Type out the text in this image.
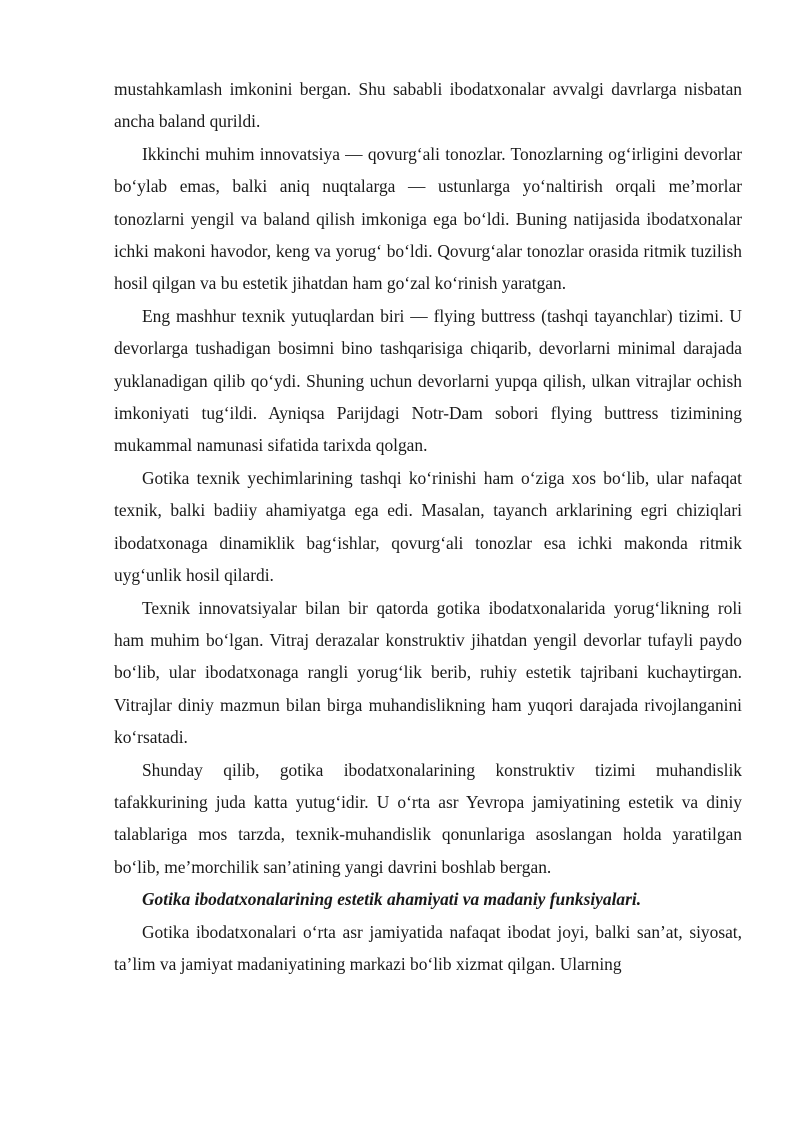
mustahkamlash imkonini bergan. Shu sababli ibodatxonalar avvalgi davrlarga nisbatan ancha baland qurildi.

Ikkinchi muhim innovatsiya — qovurg‘ali tonozlar. Tonozlarning og‘irligini devorlar bo‘ylab emas, balki aniq nuqtalarga — ustunlarga yo‘naltirish orqali me’morlar tonozlarni yengil va baland qilish imkoniga ega bo‘ldi. Buning natijasida ibodatxonalar ichki makoni havodor, keng va yorug‘ bo‘ldi. Qovurg‘alar tonozlar orasida ritmik tuzilish hosil qilgan va bu estetik jihatdan ham go‘zal ko‘rinish yaratgan.

Eng mashhur texnik yutuqlardan biri — flying buttress (tashqi tayanchlar) tizimi. U devorlarga tushadigan bosimni bino tashqarisiga chiqarib, devorlarni minimal darajada yuklanadigan qilib qo‘ydi. Shuning uchun devorlarni yupqa qilish, ulkan vitrajlar ochish imkoniyati tug‘ildi. Ayniqsa Parijdagi Notr-Dam sobori flying buttress tizimining mukammal namunasi sifatida tarixda qolgan.

Gotika texnik yechimlarining tashqi ko‘rinishi ham o‘ziga xos bo‘lib, ular nafaqat texnik, balki badiiy ahamiyatga ega edi. Masalan, tayanch arklarining egri chiziqlari ibodatxonaga dinamiklik bag‘ishlar, qovurg‘ali tonozlar esa ichki makonda ritmik uyg‘unlik hosil qilardi.

Texnik innovatsiyalar bilan bir qatorda gotika ibodatxonalarida yorug‘likning roli ham muhim bo‘lgan. Vitraj derazalar konstruktiv jihatdan yengil devorlar tufayli paydo bo‘lib, ular ibodatxonaga rangli yorug‘lik berib, ruhiy estetik tajribani kuchaytirgan. Vitrajlar diniy mazmun bilan birga muhandislikning ham yuqori darajada rivojlanganini ko‘rsatadi.

Shunday qilib, gotika ibodatxonalarining konstruktiv tizimi muhandislik tafakkurining juda katta yutug‘idir. U o‘rta asr Yevropa jamiyatining estetik va diniy talablariga mos tarzda, texnik-muhandislik qonunlariga asoslangan holda yaratilgan bo‘lib, me’morchilik san’atining yangi davrini boshlab bergan.

Gotika ibodatxonalarining estetik ahamiyati va madaniy funksiyalari.

Gotika ibodatxonalari o‘rta asr jamiyatida nafaqat ibodat joyi, balki san’at, siyosat, ta’lim va jamiyat madaniyatining markazi bo‘lib xizmat qilgan. Ularning
